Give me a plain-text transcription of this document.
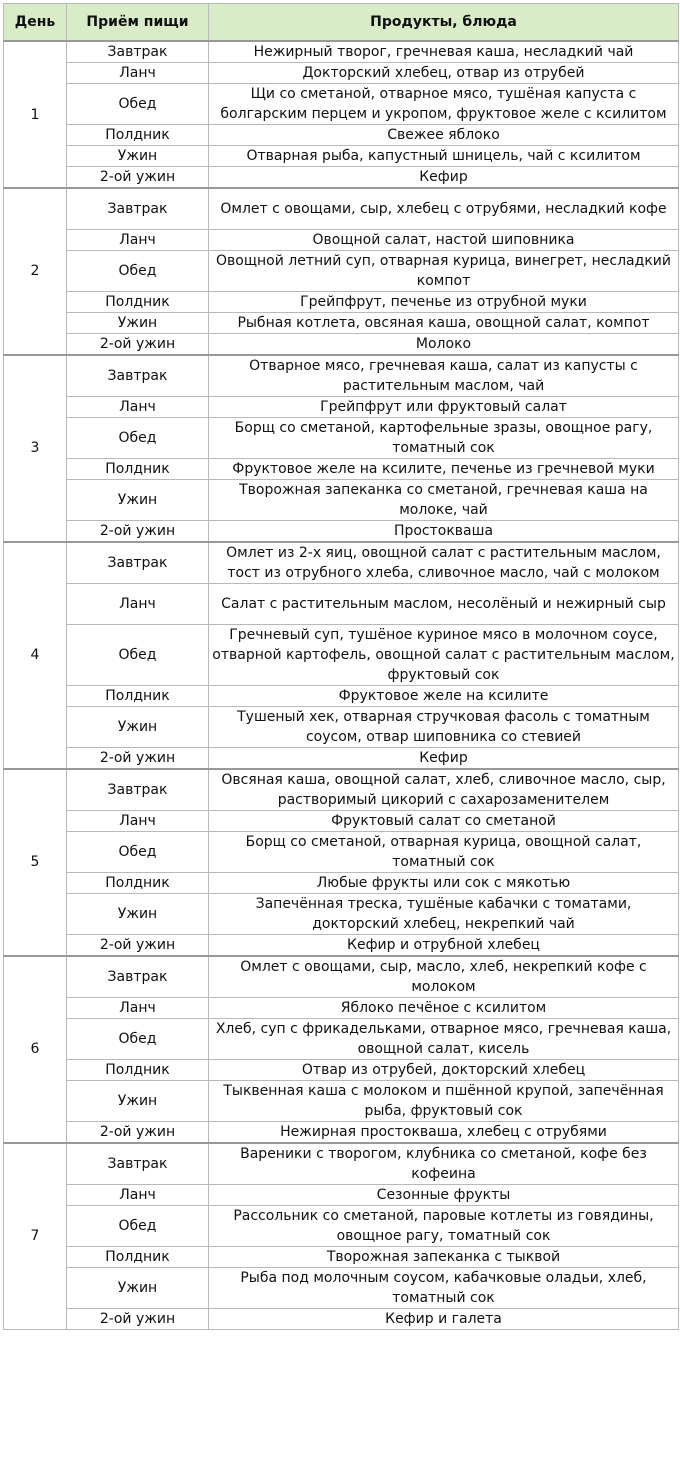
День	Приём пищи	Продукты, блюда
1	Завтрак	Нежирный творог, гречневая каша, несладкий чай
	Ланч	Докторский хлебец, отвар из отрубей
	Обед	Щи со сметаной, отварное мясо, тушёная капуста с болгарским перцем и укропом, фруктовое желе с ксилитом
	Полдник	Свежее яблоко
	Ужин	Отварная рыба, капустный шницель, чай с ксилитом
	2-ой ужин	Кефир
2	Завтрак	Омлет с овощами, сыр, хлебец с отрубями, несладкий кофе
	Ланч	Овощной салат, настой шиповника
	Обед	Овощной летний суп, отварная курица, винегрет, несладкий компот
	Полдник	Грейпфрут, печенье из отрубной муки
	Ужин	Рыбная котлета, овсяная каша, овощной салат, компот
	2-ой ужин	Молоко
3	Завтрак	Отварное мясо, гречневая каша, салат из капусты с растительным маслом, чай
	Ланч	Грейпфрут или фруктовый салат
	Обед	Борщ со сметаной, картофельные зразы, овощное рагу, томатный сок
	Полдник	Фруктовое желе на ксилите, печенье из гречневой муки
	Ужин	Творожная запеканка со сметаной, гречневая каша на молоке, чай
	2-ой ужин	Простокваша
4	Завтрак	Омлет из 2-х яиц, овощной салат с растительным маслом, тост из отрубного хлеба, сливочное масло, чай с молоком
	Ланч	Салат с растительным маслом, несолёный и нежирный сыр
	Обед	Гречневый суп, тушёное куриное мясо в молочном соусе, отварной картофель, овощной салат с растительным маслом, фруктовый сок
	Полдник	Фруктовое желе на ксилите
	Ужин	Тушеный хек, отварная стручковая фасоль с томатным соусом, отвар шиповника со стевией
	2-ой ужин	Кефир
5	Завтрак	Овсяная каша, овощной салат, хлеб, сливочное масло, сыр, растворимый цикорий с сахарозаменителем
	Ланч	Фруктовый салат со сметаной
	Обед	Борщ со сметаной, отварная курица, овощной салат, томатный сок
	Полдник	Любые фрукты или сок с мякотью
	Ужин	Запечённая треска, тушёные кабачки с томатами, докторский хлебец, некрепкий чай
	2-ой ужин	Кефир и отрубной хлебец
6	Завтрак	Омлет с овощами, сыр, масло, хлеб, некрепкий кофе с молоком
	Ланч	Яблоко печёное с ксилитом
	Обед	Хлеб, суп с фрикадельками, отварное мясо, гречневая каша, овощной салат, кисель
	Полдник	Отвар из отрубей, докторский хлебец
	Ужин	Тыквенная каша с молоком и пшённой крупой, запечённая рыба, фруктовый сок
	2-ой ужин	Нежирная простокваша, хлебец с отрубями
7	Завтрак	Вареники с творогом, клубника со сметаной, кофе без кофеина
	Ланч	Сезонные фрукты
	Обед	Рассольник со сметаной, паровые котлеты из говядины, овощное рагу, томатный сок
	Полдник	Творожная запеканка с тыквой
	Ужин	Рыба под молочным соусом, кабачковые оладьи, хлеб, томатный сок
	2-ой ужин	Кефир и галета
